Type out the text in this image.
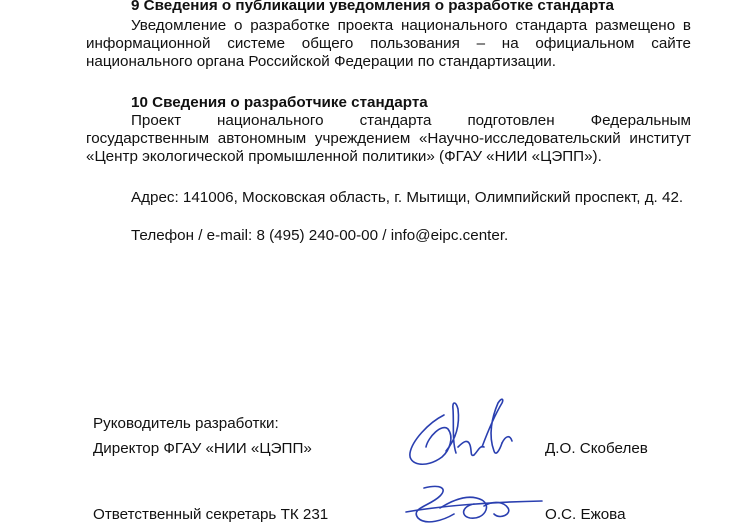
9 Сведения о публикации уведомления о разработке стандарта
Уведомление о разработке проекта национального стандарта размещено в информационной системе общего пользования – на официальном сайте национального органа Российской Федерации по стандартизации.
10 Сведения о разработчике стандарта
Проект национального стандарта подготовлен Федеральным государственным автономным учреждением «Научно-исследовательский институт «Центр экологической промышленной политики» (ФГАУ «НИИ «ЦЭПП»).
Адрес: 141006, Московская область, г. Мытищи, Олимпийский проспект, д. 42.
Телефон / e-mail: 8 (495) 240-00-00 / info@eipc.center.
Руководитель разработки:
Директор ФГАУ «НИИ «ЦЭПП»	Д.О. Скобелев
Ответственный секретарь ТК 231	О.С. Ежова
